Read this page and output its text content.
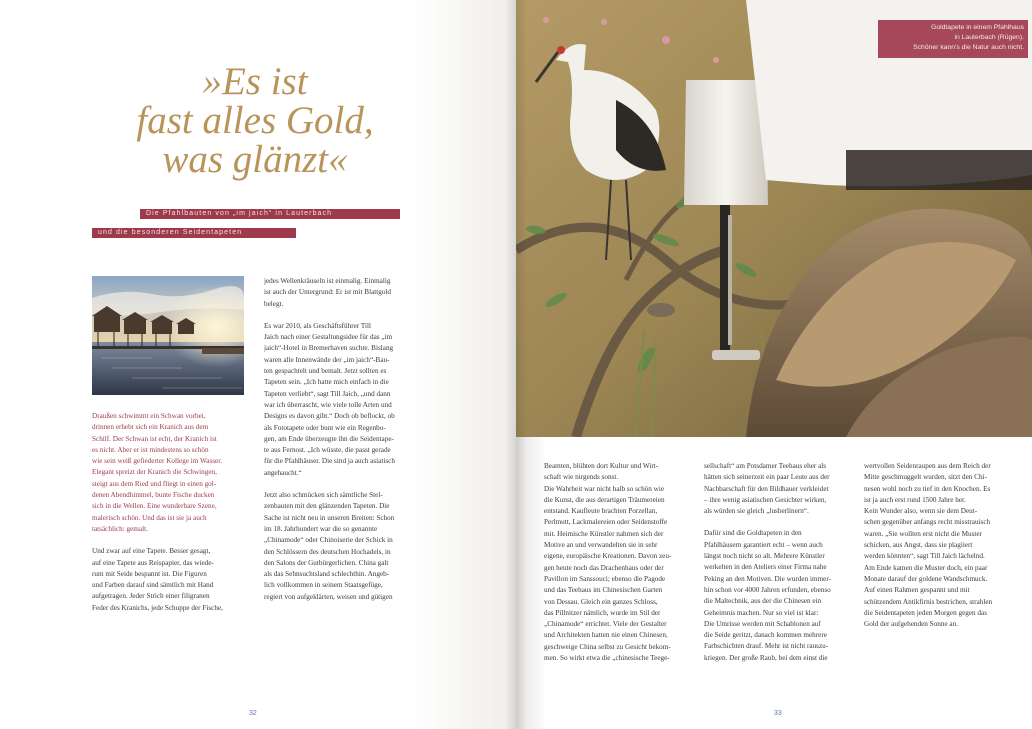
»Es ist
fast alles Gold,
was glänzt«
Die Pfahlbauten von „im jaich“ in Lauterbach
und die besonderen Seidentapeten

Draußen schwimmt ein Schwan vorbei,
drinnen erhebt sich ein Kranich aus dem
Schilf. Der Schwan ist echt, der Kranich ist
es nicht. Aber er ist mindestens so schön
wie sein weiß gefiederter Kollege im Wasser.
Elegant spreizt der Kranich die Schwingen,
steigt aus dem Ried und fliegt in einen gol-
denen Abendhimmel, bunte Fische ducken
sich in die Wellen. Eine wunderbare Szene,
malerisch schön. Und das ist sie ja auch
tatsächlich: gemalt.

Und zwar auf eine Tapete. Besser gesagt,
auf eine Tapete aus Reispapier, das wiede-
rum mit Seide bespannt ist. Die Figuren
und Farben darauf sind sämtlich mit Hand
aufgetragen. Jeder Strich einer filigranen
Feder des Kranichs, jede Schuppe der Fische,

jedes Wellenkräuseln ist einmalig. Einmalig
ist auch der Untergrund: Er ist mit Blattgold
belegt.

Es war 2010, als Geschäftsführer Till
Jaich nach einer Gestaltungsidee für das „im
jaich“-Hotel in Bremerhaven suchte. Bislang
waren alle Innenwände der „im jaich“-Bau-
ten gespachtelt und bemalt. Jetzt sollten es
Tapeten sein. „Ich hatte mich einfach in die
Tapeten verliebt“, sagt Till Jaich, „und dann
war ich überrascht, wie viele tolle Arten und
Designs es davon gibt.“ Doch ob beflockt, ob
als Fototapete oder bunt wie ein Regenbo-
gen, am Ende überzeugte ihn die Seidentape-
te aus Fernost. „Ich wüsste, die passt gerade
für die Pfahlhäuser. Die sind ja auch asiatisch
angehaucht.“

Jetzt also schmücken sich sämtliche Stel-
zenbauten mit den glänzenden Tapeten. Die
Sache ist nicht neu in unseren Breiten: Schon
im 18. Jahrhundert war die so genannte
„Chinamode“ oder Chinoiserie der Schick in
den Schlössern des deutschen Hochadels, in
den Salons der Gutbürgerlichen. China galt
als das Sehnsuchtsland schlechthin. Angeb-
lich vollkommen in seinem Staatsgefüge,
regiert von aufgeklärten, weisen und gütigen

32
Goldtapete in einem Pfahlhaus
in Lauterbach (Rügen).
Schöner kann's die Natur auch nicht.

Beamten, blühten dort Kultur und Wirt-
schaft wie nirgends sonst.

Die Wahrheit war nicht halb so schön wie
die Kunst, die aus derartigen Träumereien
entstand. Kaufleute brachten Porzellan,
Perlmutt, Lackmalereien oder Seidenstoffe
mit. Heimische Künstler nahmen sich der
Motive an und verwandelten sie in sehr
eigene, europäische Kreationen. Davon zeu-
gen heute noch das Drachenhaus oder der
Pavillon im Sanssouci; ebenso die Pagode
und das Teehaus im Chinesischen Garten
von Dessau. Gleich ein ganzes Schloss,
das Pillnitzer nämlich, wurde im Stil der
„Chinamode“ errichtet. Viele der Gestalter
und Architekten hatten nie einen Chinesen,
geschweige China selbst zu Gesicht bekom-
men. So wirkt etwa die „chinesische Teege-

sellschaft“ am Potsdamer Teehaus eher als
hätten sich seinerzeit ein paar Leute aus der
Nachbarschaft für den Bildhauer verkleidet
– ihre wenig asiatischen Gesichter wirken,
als würden sie gleich „lusberlinern“.

Dafür sind die Goldtapeten in den
Pfahlhäusern garantiert echt – wenn auch
längst noch nicht so alt. Mehrere Künstler
werkelten in den Ateliers einer Firma nahe
Peking an den Motiven. Die wurden immer-
hin schon vor 4000 Jahren erfunden, ebenso
die Maltechnik, aus der die Chinesen ein
Geheimnis machen. Nur so viel ist klar:
Die Umrisse werden mit Schablonen auf
die Seide geritzt, danach kommen mehrere
Farbschichten drauf. Mehr ist nicht rauszu-
kriegen. Der große Raub, bei dem einst die

wertvollen Seidenraupen aus dem Reich der
Mitte geschmuggelt wurden, sitzt den Chi-
nesen wohl noch zu tief in den Knochen. Es
ist ja auch erst rund 1500 Jahre her.

Kein Wunder also, wenn sie dem Deut-
schen gegenüber anfangs recht misstrauisch
waren. „Sie wollten erst nicht die Muster
schicken, aus Angst, dass sie plagiiert
werden könnten“, sagt Till Jaich lächelnd.
Am Ende kamen die Muster doch, ein paar
Monate darauf der goldene Wandschmuck.
Auf einen Rahmen gespannt und mit
schützendem Antikfirnis bestrichen, strahlen
die Seidentapeten jeden Morgen gegen das
Gold der aufgehenden Sonne an.

33
